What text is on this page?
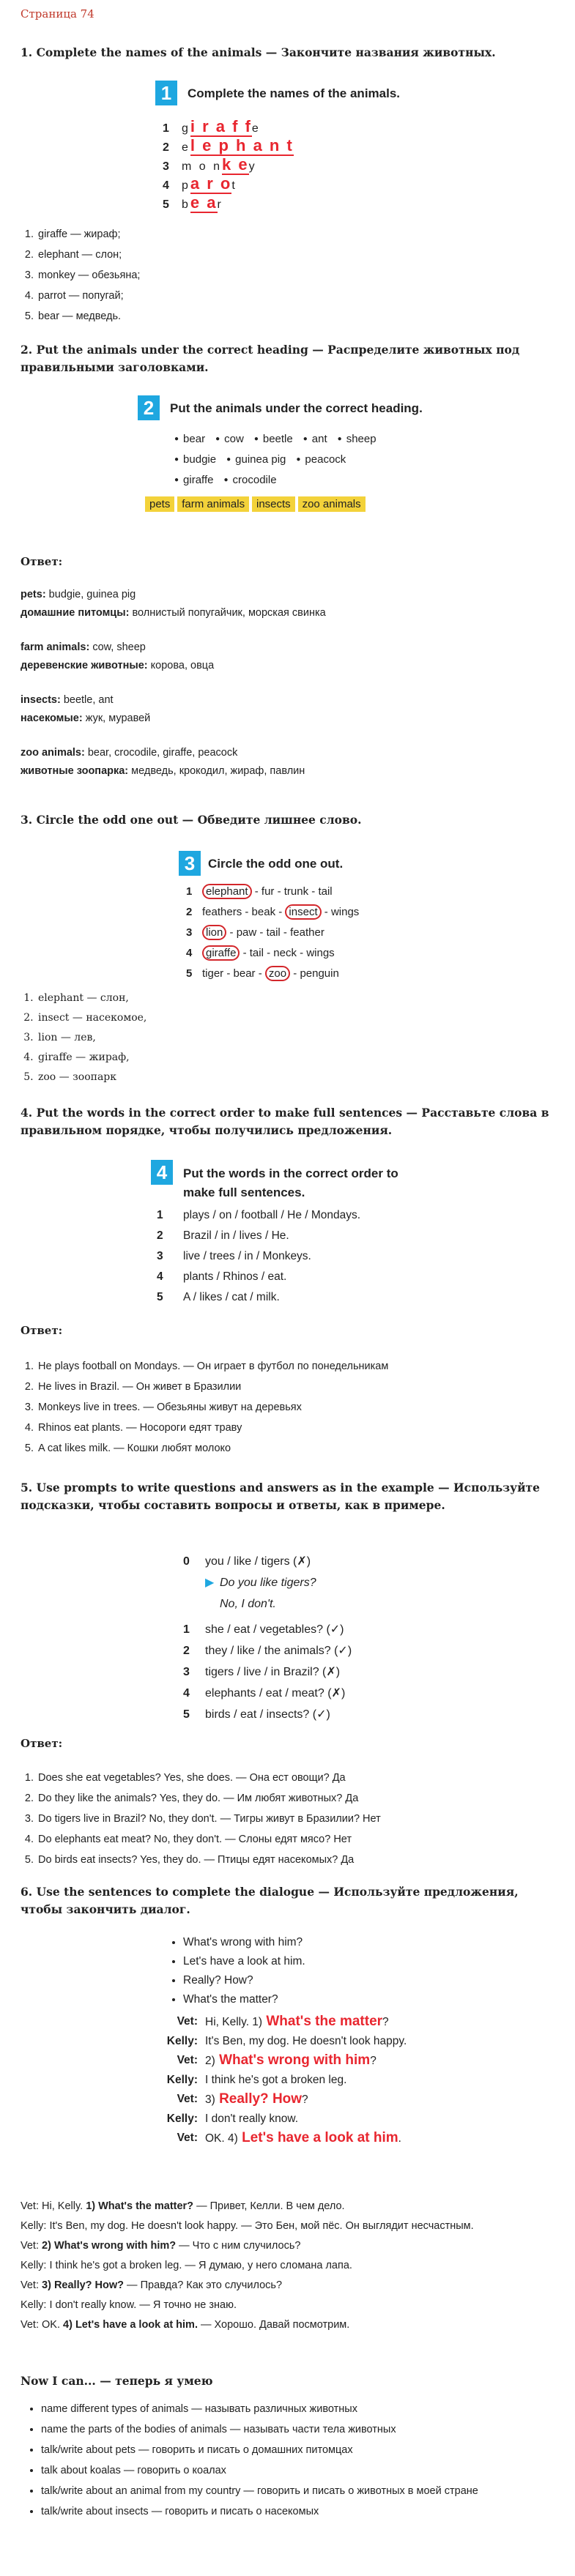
Страница 74
1. Complete the names of the animals — Закончите названия животных.
1	Complete the names of the animals.
1 gi r a f fe
2 el e p h a n t
3 m o nk ey
4 pa r ot
5 be ar
1. giraffe — жираф;
2. elephant — слон;
3. monkey — обезьяна;
4. parrot — попугай;
5. bear — медведь.
2. Put the animals under the correct heading — Распределите животных под правильными заголовками.
2	Put the animals under the correct heading.
● bear ● cow ● beetle ● ant ● sheep
● budgie ● guinea pig ● peacock
● giraffe ● crocodile
pets farm animals insects zoo animals
Ответ:
pets: budgie, guinea pig
домашние питомцы: волнистый попугайчик, морская свинка
farm animals: cow, sheep
деревенские животные: корова, овца
insects: beetle, ant
насекомые: жук, муравей
zoo animals: bear, crocodile, giraffe, peacock
животные зоопарка: медведь, крокодил, жираф, павлин
3. Circle the odd one out — Обведите лишнее слово.
3	Circle the odd one out.
1 elephant - fur - trunk - tail
2 feathers - beak - insect - wings
3 lion - paw - tail - feather
4 giraffe - tail - neck - wings
5 tiger - bear - zoo - penguin
1. elephant — слон,
2. insect — насекомое,
3. lion — лев,
4. giraffe — жираф,
5. zoo — зоопарк
4. Put the words in the correct order to make full sentences — Расставьте слова в правильном порядке, чтобы получились предложения.
4	Put the words in the correct order to
make full sentences.
1 plays / on / football / He / Mondays.
2 Brazil / in / lives / He.
3 live / trees / in / Monkeys.
4 plants / Rhinos / eat.
5 A / likes / cat / milk.
Ответ:
1. He plays football on Mondays. — Он играет в футбол по понедельникам
2. He lives in Brazil. — Он живет в Бразилии
3. Monkeys live in trees. — Обезьяны живут на деревьях
4. Rhinos eat plants. — Носороги едят траву
5. A cat likes milk. — Кошки любят молоко
5. Use prompts to write questions and answers as in the example — Используйте подсказки, чтобы составить вопросы и ответы, как в примере.
0 you / like / tigers (✗)
▶ Do you like tigers?
No, I don't.
1 she / eat / vegetables? (✓)
2 they / like / the animals? (✓)
3 tigers / live / in Brazil? (✗)
4 elephants / eat / meat? (✗)
5 birds / eat / insects? (✓)
Ответ:
1. Does she eat vegetables? Yes, she does. — Она ест овощи? Да
2. Do they like the animals? Yes, they do. — Им любят животных? Да
3. Do tigers live in Brazil? No, they don't. — Тигры живут в Бразилии? Нет
4. Do elephants eat meat? No, they don't. — Слоны едят мясо? Нет
5. Do birds eat insects? Yes, they do. — Птицы едят насекомых? Да
6. Use the sentences to complete the dialogue — Используйте предложения, чтобы закончить диалог.
• What's wrong with him?
• Let's have a look at him.
• Really? How?
• What's the matter?
Vet: Hi, Kelly. 1) What's the matter?
Kelly: It's Ben, my dog. He doesn't look happy.
Vet: 2) What's wrong with him?
Kelly: I think he's got a broken leg.
Vet: 3) Really? How?
Kelly: I don't really know.
Vet: OK. 4) Let's have a look at him.
Vet: Hi, Kelly. 1) What's the matter? — Привет, Келли. В чем дело.
Kelly: It's Ben, my dog. He doesn't look happy. — Это Бен, мой пёс. Он выглядит несчастным.
Vet: 2) What's wrong with him? — Что с ним случилось?
Kelly: I think he's got a broken leg. — Я думаю, у него сломана лапа.
Vet: 3) Really? How? — Правда? Как это случилось?
Kelly: I don't really know. — Я точно не знаю.
Vet: OK. 4) Let's have a look at him. — Хорошо. Давай посмотрим.
Now I can... — теперь я умею
• name different types of animals — называть различных животных
• name the parts of the bodies of animals — называть части тела животных
• talk/write about pets — говорить и писать о домашних питомцах
• talk about koalas — говорить о коалах
• talk/write about an animal from my country — говорить и писать о животных в моей стране
• talk/write about insects — говорить и писать о насекомых
